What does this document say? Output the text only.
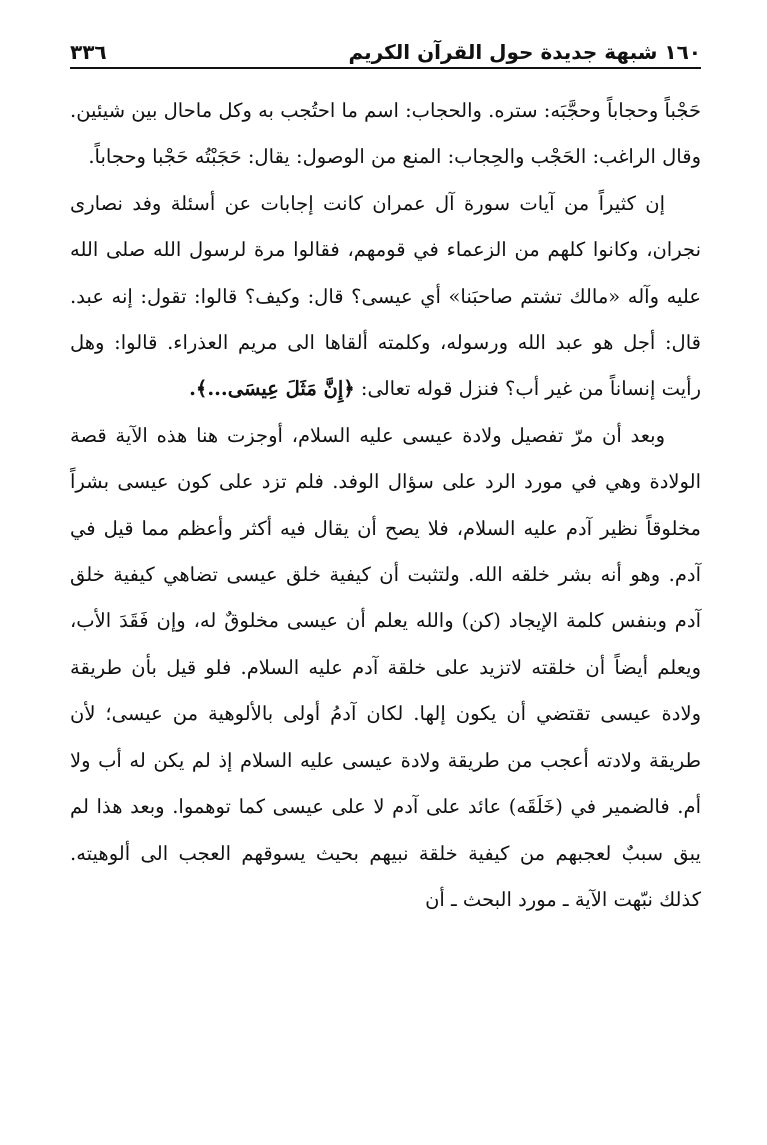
١٦٠ شبهة جديدة حول القرآن الكريم
٣٣٦

حَجْباً وحجاباً وحجَّبَه: ستره. والحجاب: اسم ما احتُجب به وكل ماحال بين شيئين. وقال الراغب: الحَجْب والحِجاب: المنع من الوصول: يقال: حَجَبْتُه حَجْبا وحجاباً.

إن كثيراً من آيات سورة آل عمران كانت إجابات عن أسئلة وفد نصارى نجران، وكانوا كلهم من الزعماء في قومهم، فقالوا مرة لرسول الله صلى الله عليه وآله «مالك تشتم صاحبَنا» أي عيسى؟ قال: وكيف؟ قالوا: تقول: إنه عبد. قال: أجل هو عبد الله ورسوله، وكلمته ألقاها الى مريم العذراء. قالوا: وهل رأيت إنساناً من غير أب؟ فنزل قوله تعالى: ﴿إِنَّ مَثَلَ عِيسَى...﴾.

وبعد أن مرّ تفصيل ولادة عيسى عليه السلام، أوجزت هنا هذه الآية قصة الولادة وهي في مورد الرد على سؤال الوفد. فلم تزد على كون عيسى بشراً مخلوقاً نظير آدم عليه السلام، فلا يصح أن يقال فيه أكثر وأعظم مما قيل في آدم. وهو أنه بشر خلقه الله. ولتثبت أن كيفية خلق عيسى تضاهي كيفية خلق آدم وبنفس كلمة الإيجاد (كن) والله يعلم أن عيسى مخلوقٌ له، وإن فَقَدَ الأب، ويعلم أيضاً أن خلقته لاتزيد على خلقة آدم عليه السلام. فلو قيل بأن طريقة ولادة عيسى تقتضي أن يكون إلها. لكان آدمُ أولى بالألوهية من عيسى؛ لأن طريقة ولادته أعجب من طريقة ولادة عيسى عليه السلام إذ لم يكن له أب ولا أم. فالضمير في (خَلَقَه) عائد على آدم لا على عيسى كما توهموا. وبعد هذا لم يبق سببٌ لعجبهم من كيفية خلقة نبيهم بحيث يسوقهم العجب الى ألوهيته. كذلك نبّهت الآية ـ مورد البحث ـ أن
